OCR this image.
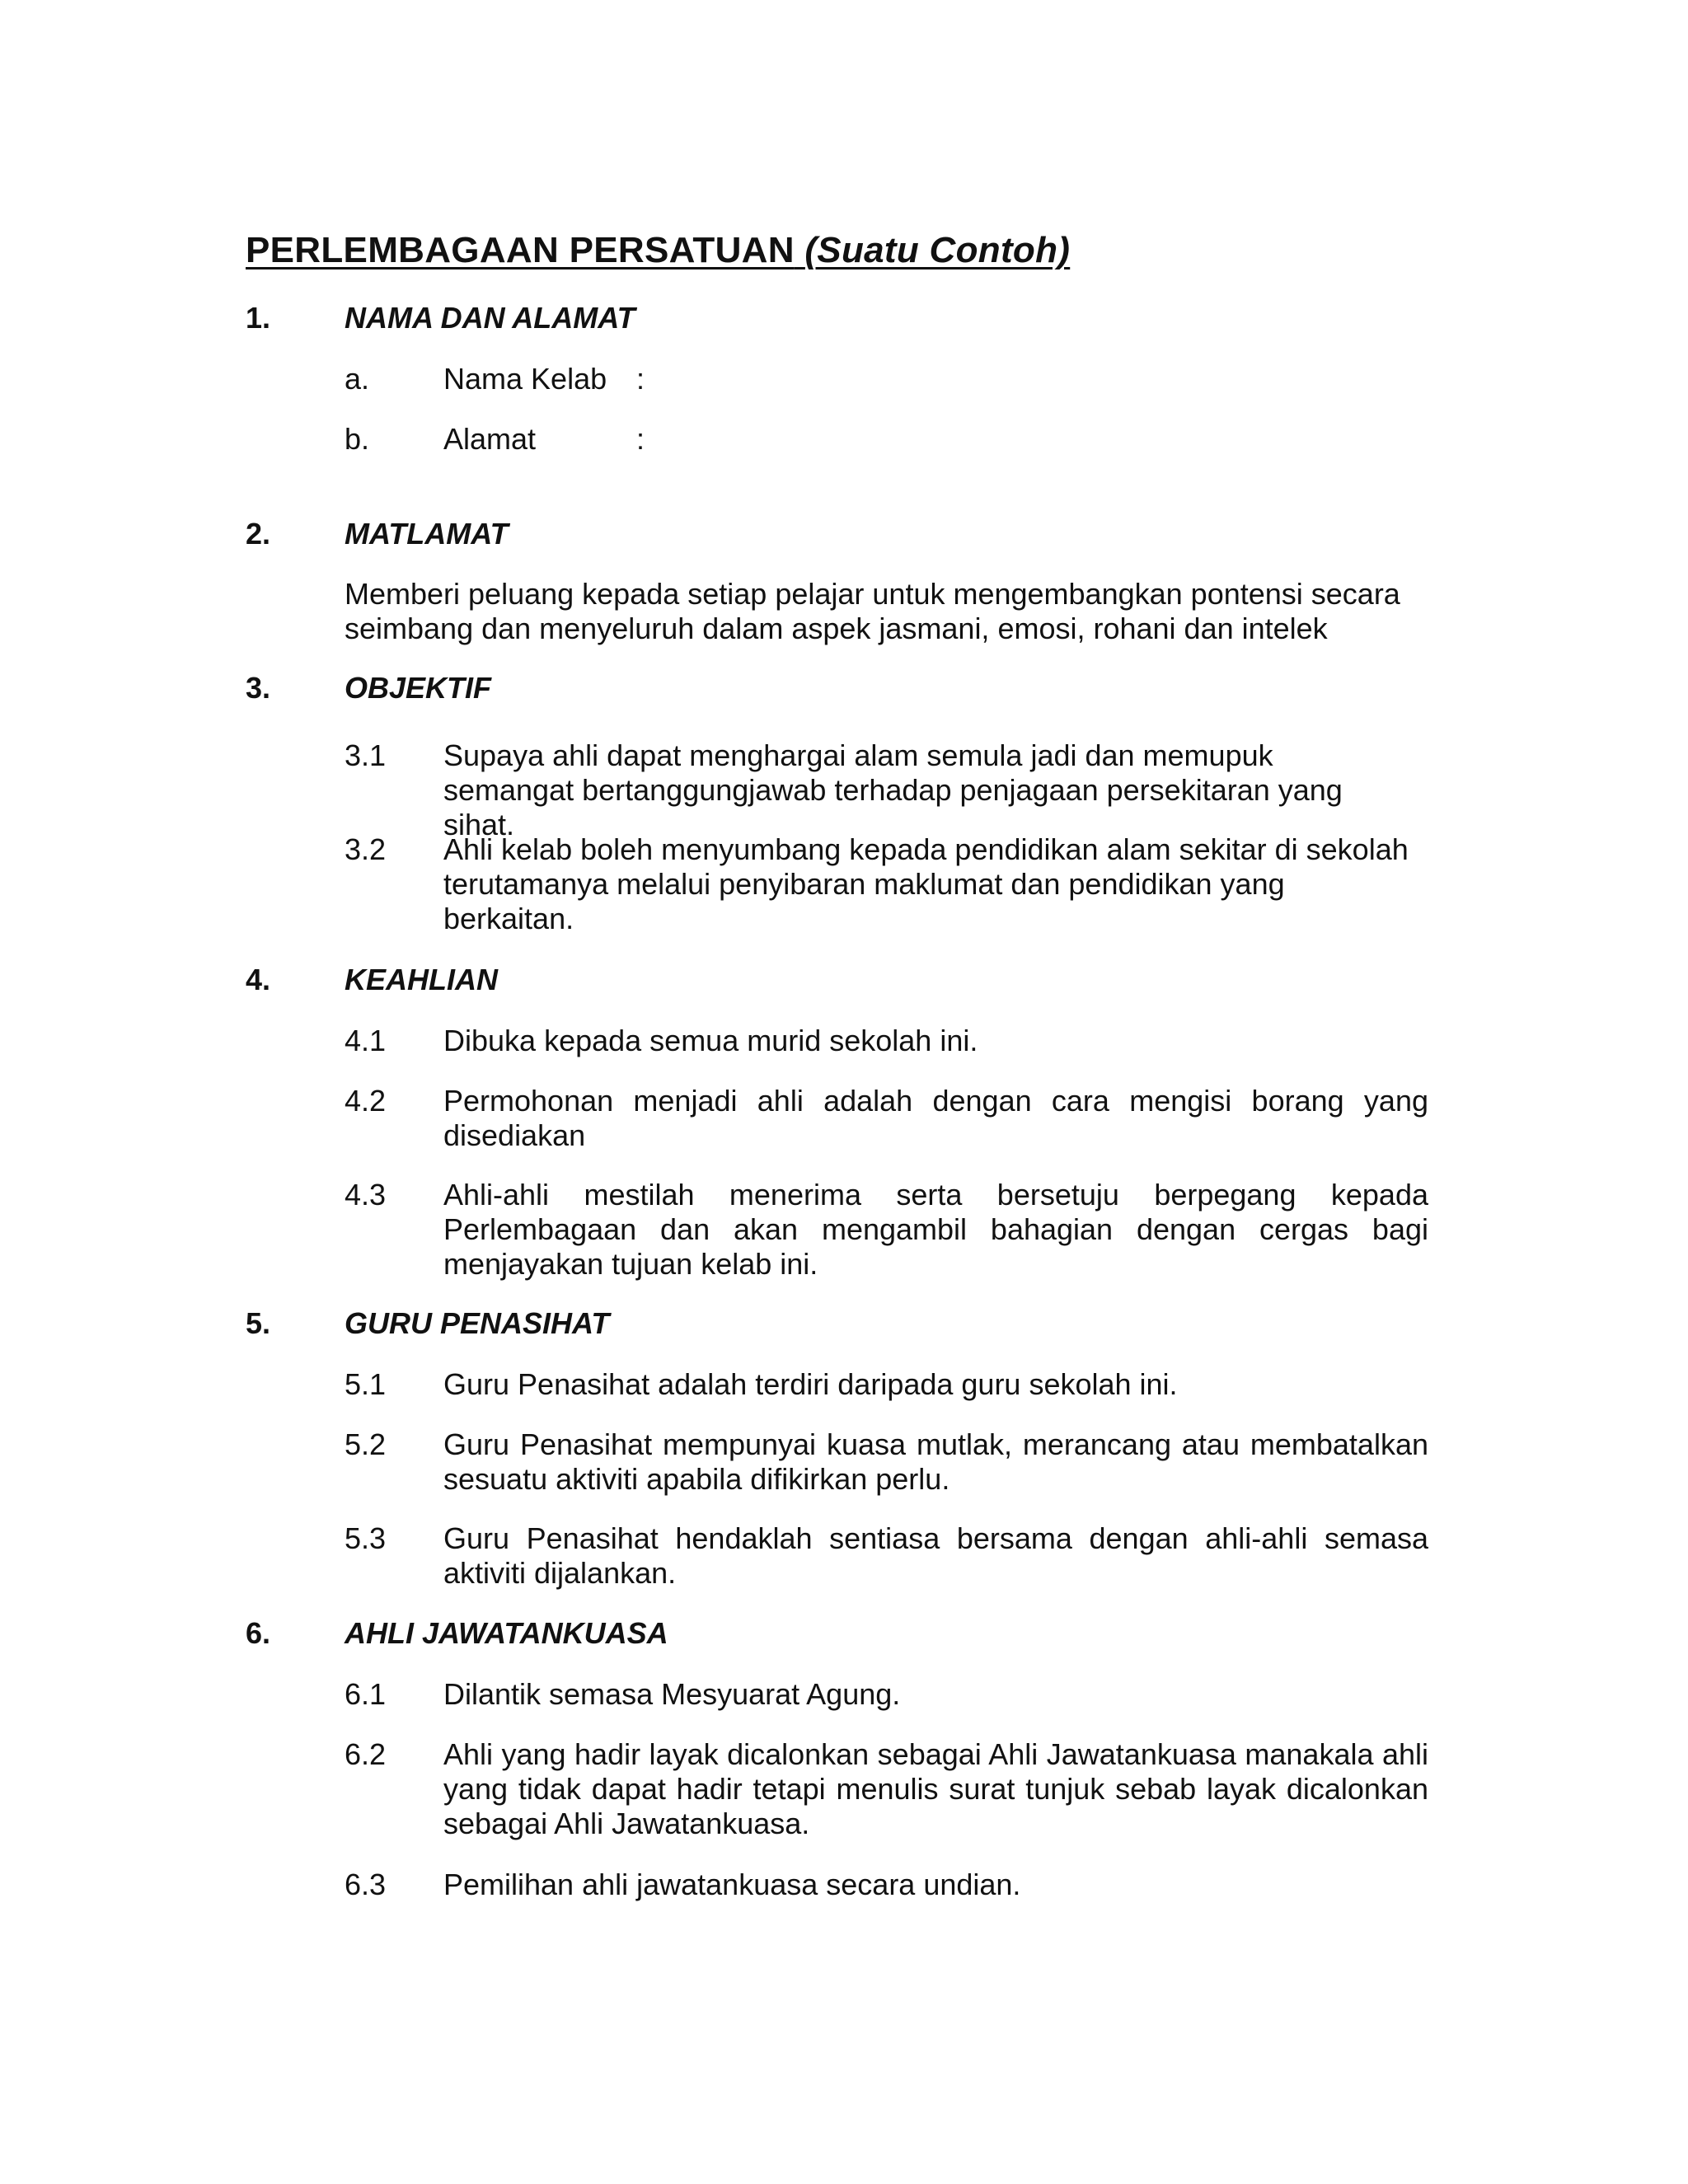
PERLEMBAGAAN PERSATUAN (Suatu Contoh)
1. NAMA DAN ALAMAT
a. Nama Kelab :
b. Alamat	:
2. MATLAMAT

Memberi peluang kepada setiap pelajar untuk mengembangkan pontensi secara seimbang dan menyeluruh dalam aspek jasmani, emosi, rohani dan intelek

3. OBJEKTIF
3.1 Supaya ahli dapat menghargai alam semula jadi dan memupuk semangat bertanggungjawab terhadap penjagaan persekitaran yang sihat.

3.2 Ahli kelab boleh menyumbang kepada pendidikan alam sekitar di sekolah terutamanya melalui penyibaran maklumat dan pendidikan yang berkaitan.

4. KEAHLIAN
4.1 Dibuka kepada semua murid sekolah ini.

4.2 Permohonan menjadi ahli adalah dengan cara mengisi borang yang disediakan

4.3 Ahli-ahli mestilah menerima serta bersetuju berpegang kepada Perlembagaan dan akan mengambil bahagian dengan cergas bagi menjayakan tujuan kelab ini.

5. GURU PENASIHAT
5.1 Guru Penasihat adalah terdiri daripada guru sekolah ini.

5.2 Guru Penasihat mempunyai kuasa mutlak, merancang atau membatalkan sesuatu aktiviti apabila difikirkan perlu.

5.3 Guru Penasihat hendaklah sentiasa bersama dengan ahli-ahli semasa aktiviti dijalankan.

6. AHLI JAWATANKUASA
6.1 Dilantik semasa Mesyuarat Agung.

6.2 Ahli yang hadir layak dicalonkan sebagai Ahli Jawatankuasa manakala ahli yang tidak dapat hadir tetapi menulis surat tunjuk sebab layak dicalonkan sebagai Ahli Jawatankuasa.

6.3 Pemilihan ahli jawatankuasa secara undian.
